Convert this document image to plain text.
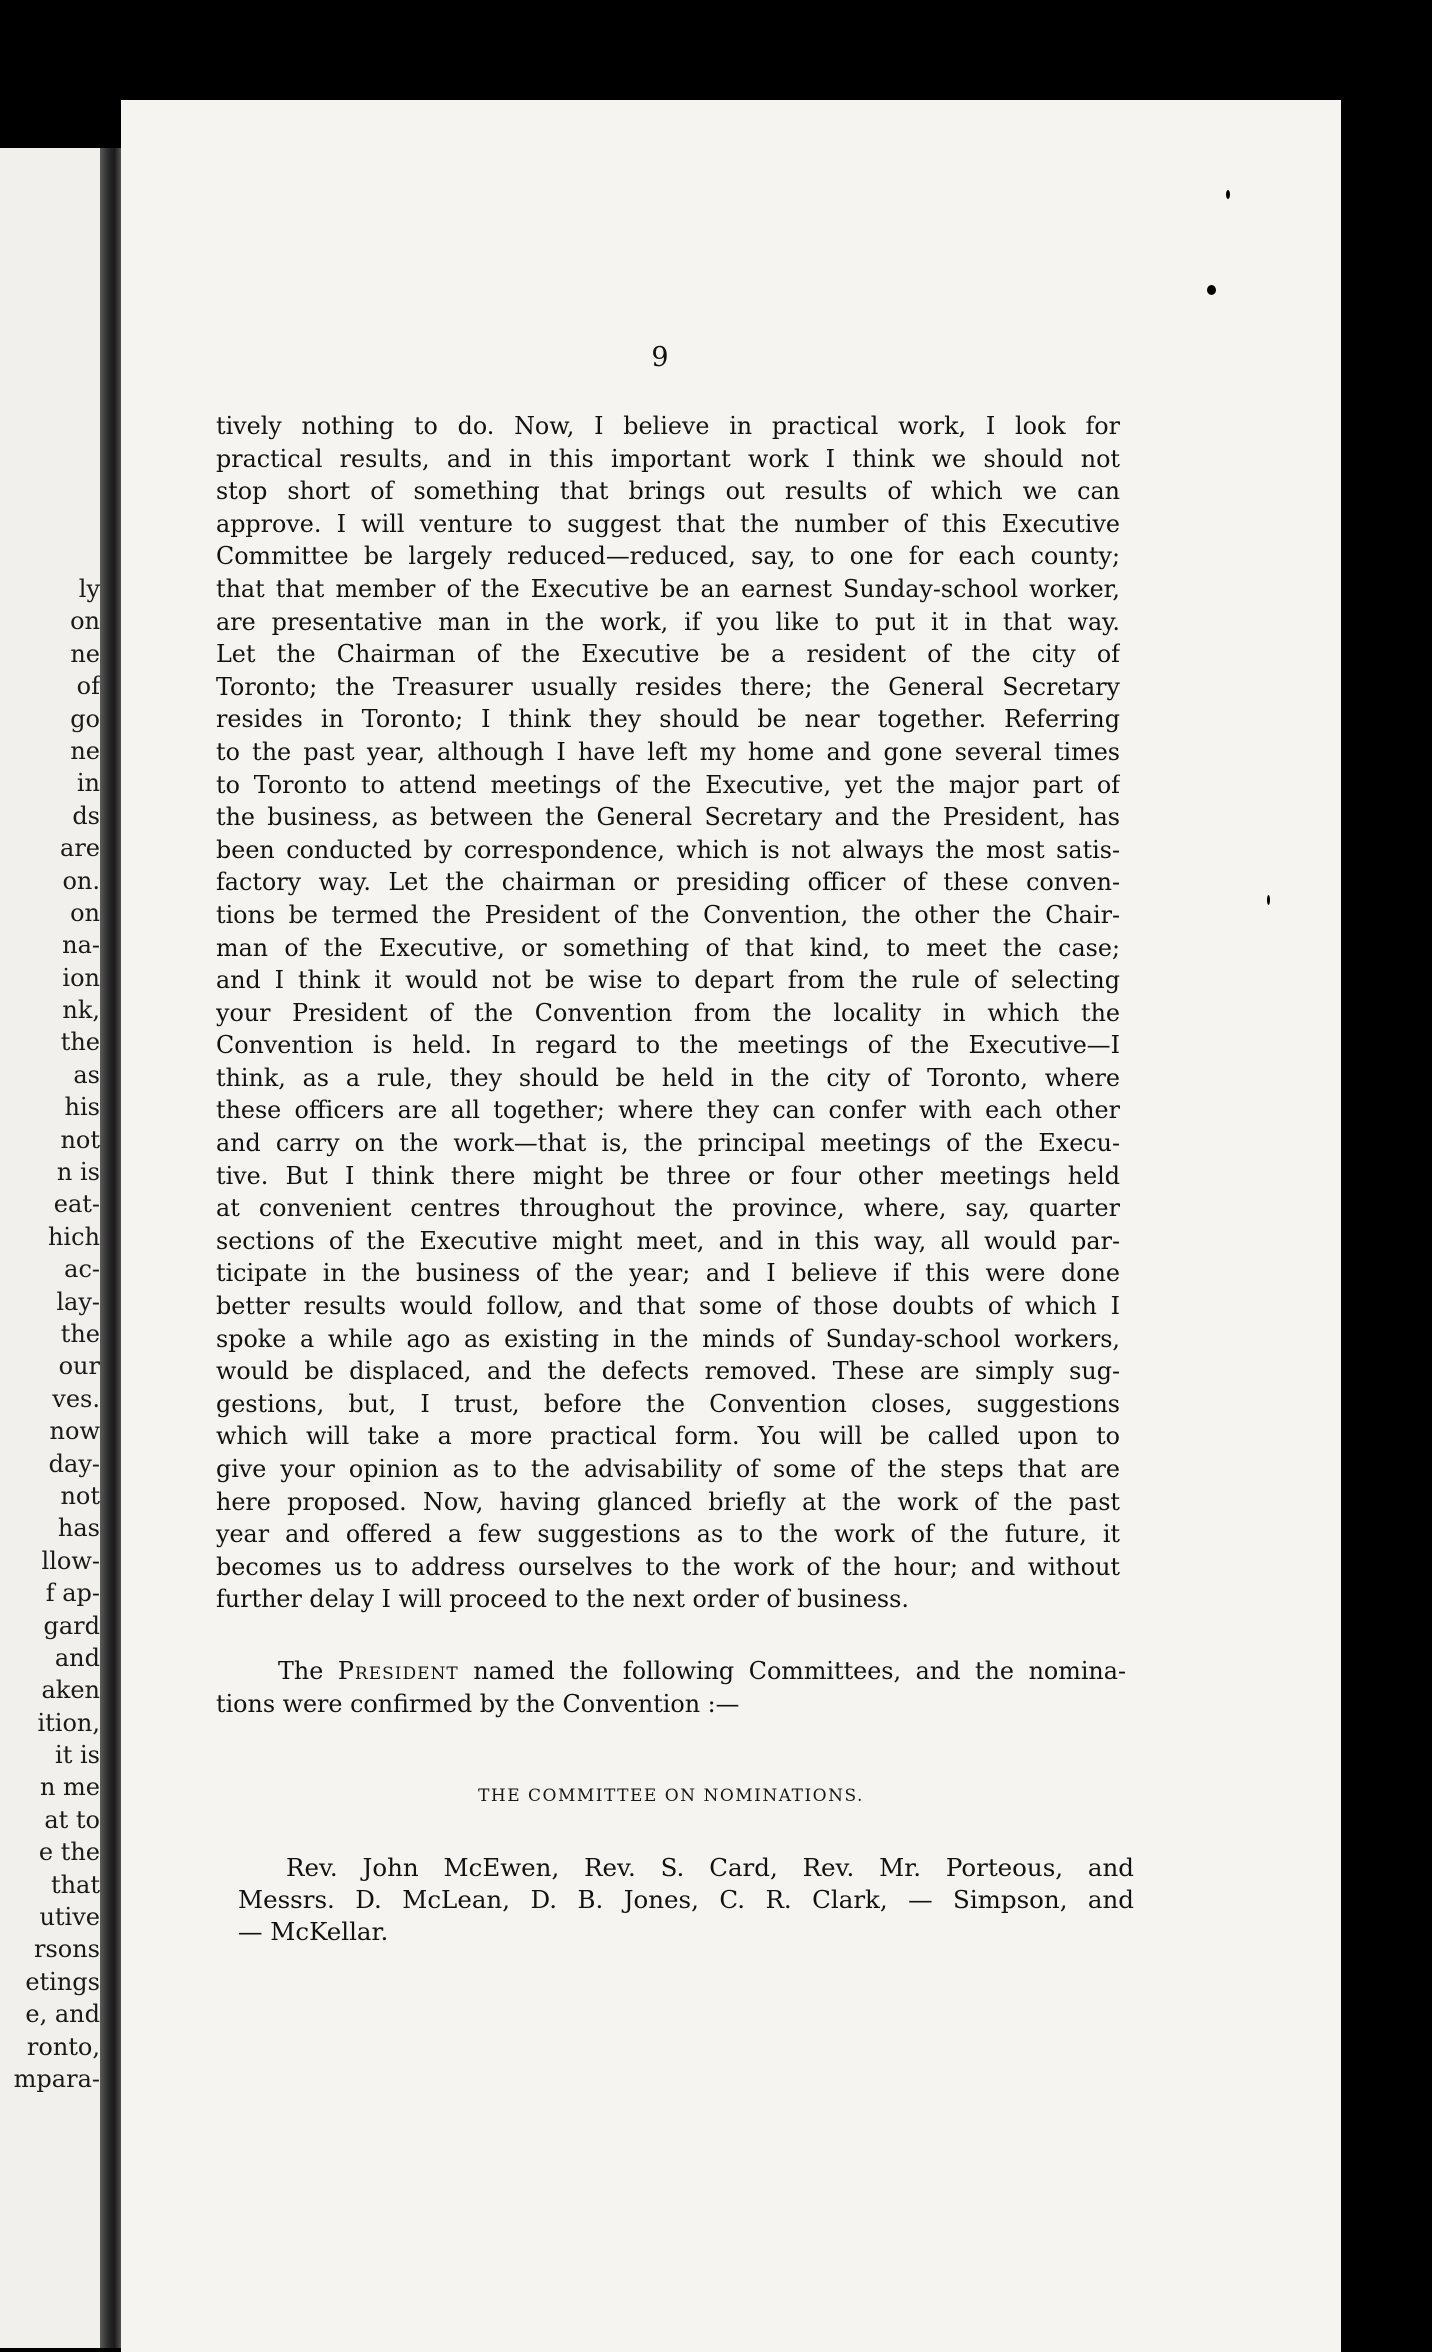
ly
on
ne
of
go
ne
in
ds
are
on.
on
na-
ion
nk,
the
as
his
not
n is
eat-
hich
ac-
lay-
the
our
ves.
now
day-
not
has
llow-
f ap-
gard
and
aken
ition,
it is
n me
at to
e the
that
utive
rsons
etings
e, and
ronto,
mpara-
9
tively nothing to do. Now, I believe in practical work, I look for
practical results, and in this important work I think we should not
stop short of something that brings out results of which we can
approve. I will venture to suggest that the number of this Executive
Committee be largely reduced—reduced, say, to one for each county;
that that member of the Executive be an earnest Sunday-school worker,
are presentative man in the work, if you like to put it in that way.
Let the Chairman of the Executive be a resident of the city of
Toronto; the Treasurer usually resides there; the General Secretary
resides in Toronto; I think they should be near together. Referring
to the past year, although I have left my home and gone several times
to Toronto to attend meetings of the Executive, yet the major part of
the business, as between the General Secretary and the President, has
been conducted by correspondence, which is not always the most satis-
factory way. Let the chairman or presiding officer of these conven-
tions be termed the President of the Convention, the other the Chair-
man of the Executive, or something of that kind, to meet the case;
and I think it would not be wise to depart from the rule of selecting
your President of the Convention from the locality in which the
Convention is held. In regard to the meetings of the Executive—I
think, as a rule, they should be held in the city of Toronto, where
these officers are all together; where they can confer with each other
and carry on the work—that is, the principal meetings of the Execu-
tive. But I think there might be three or four other meetings held
at convenient centres throughout the province, where, say, quarter
sections of the Executive might meet, and in this way, all would par-
ticipate in the business of the year; and I believe if this were done
better results would follow, and that some of those doubts of which I
spoke a while ago as existing in the minds of Sunday-school workers,
would be displaced, and the defects removed. These are simply sug-
gestions, but, I trust, before the Convention closes, suggestions
which will take a more practical form. You will be called upon to
give your opinion as to the advisability of some of the steps that are
here proposed. Now, having glanced briefly at the work of the past
year and offered a few suggestions as to the work of the future, it
becomes us to address ourselves to the work of the hour; and without
further delay I will proceed to the next order of business.
The President named the following Committees, and the nomina-
tions were confirmed by the Convention :—
THE COMMITTEE ON NOMINATIONS.
Rev. John McEwen, Rev. S. Card, Rev. Mr. Porteous, and
Messrs. D. McLean, D. B. Jones, C. R. Clark, — Simpson, and
— McKellar.
